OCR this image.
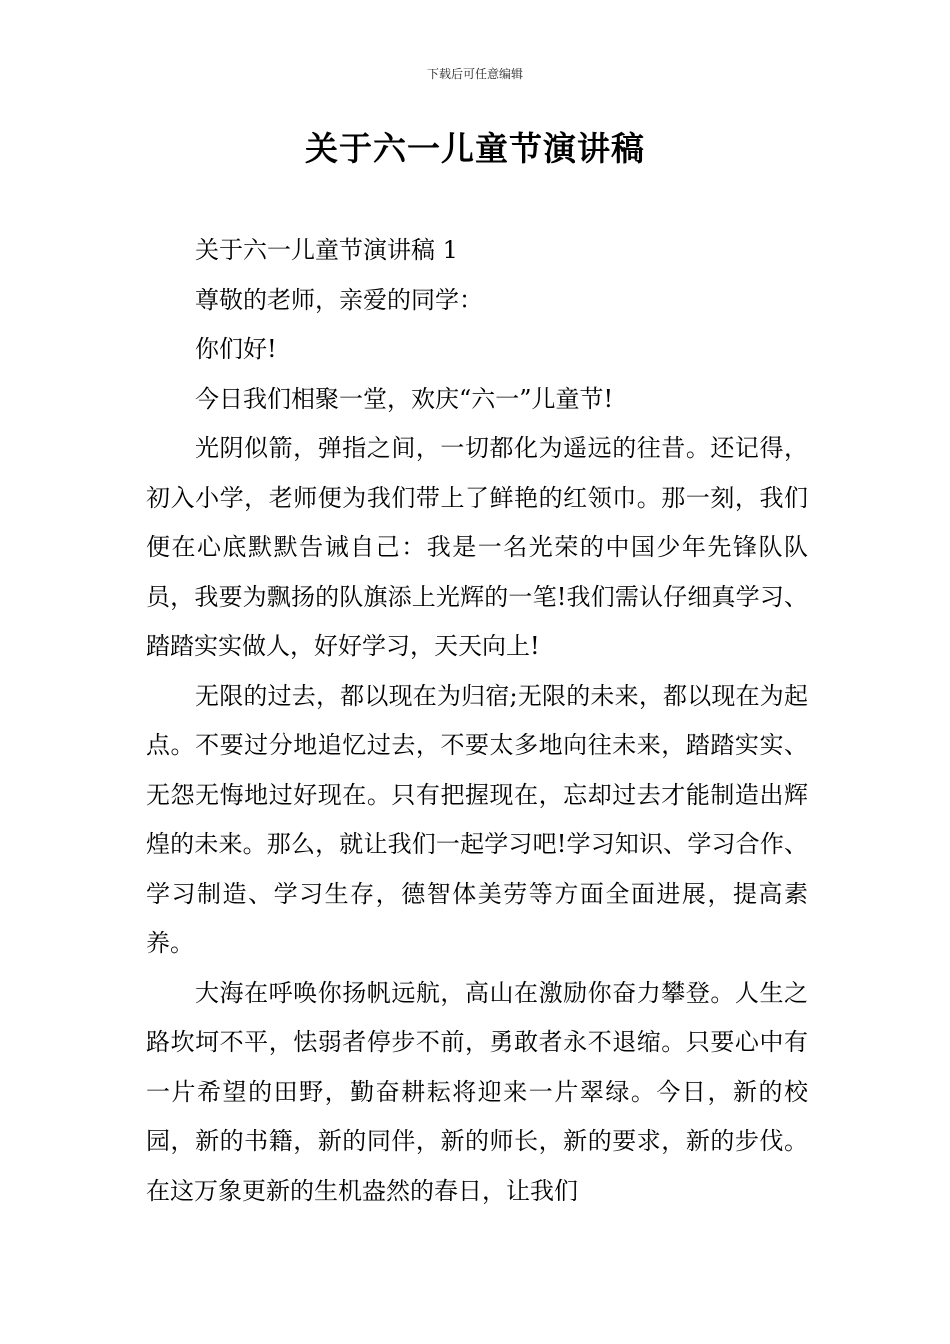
下载后可任意编辑
关于六一儿童节演讲稿

关于六一儿童节演讲稿 1

尊敬的老师，亲爱的同学：

你们好!

今日我们相聚一堂，欢庆“六一”儿童节!

光阴似箭，弹指之间，一切都化为遥远的往昔。还记得，初入小学，老师便为我们带上了鲜艳的红领巾。那一刻，我们便在心底默默告诫自己：我是一名光荣的中国少年先锋队队员，我要为飘扬的队旗添上光辉的一笔!我们需认仔细真学习、踏踏实实做人，好好学习，天天向上!

无限的过去，都以现在为归宿;无限的未来，都以现在为起点。不要过分地追忆过去，不要太多地向往未来，踏踏实实、无怨无悔地过好现在。只有把握现在，忘却过去才能制造出辉煌的未来。那么，就让我们一起学习吧!学习知识、学习合作、学习制造、学习生存，德智体美劳等方面全面进展，提高素养。

大海在呼唤你扬帆远航，高山在激励你奋力攀登。人生之路坎坷不平，怯弱者停步不前，勇敢者永不退缩。只要心中有一片希望的田野，勤奋耕耘将迎来一片翠绿。今日，新的校园，新的书籍，新的同伴，新的师长，新的要求，新的步伐。在这万象更新的生机盎然的春日，让我们
